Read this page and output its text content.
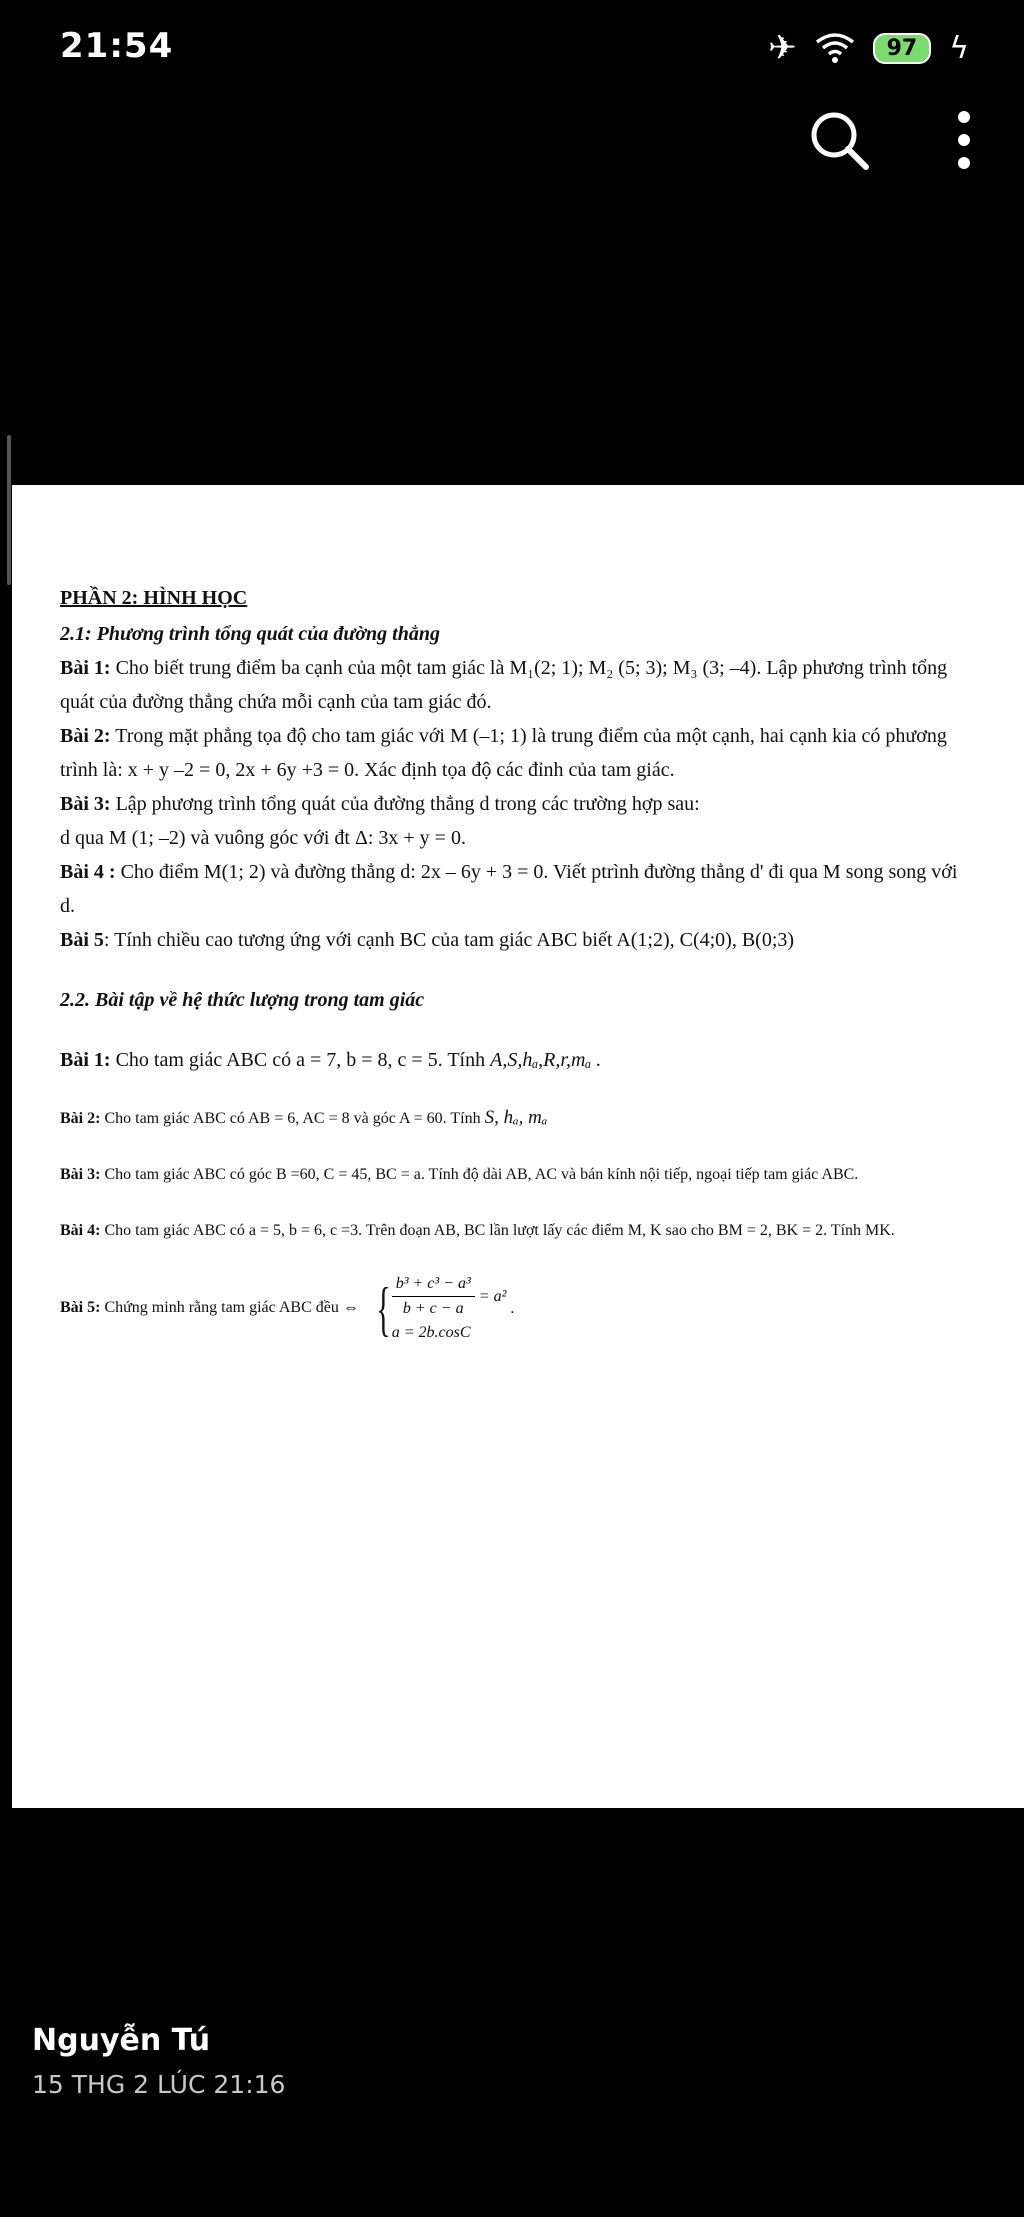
21:54	✈	97	ϟ

PHẦN 2: HÌNH HỌC

2.1: Phương trình tổng quát của đường thẳng

Bài 1: Cho biết trung điểm ba cạnh của một tam giác là M₁(2; 1); M₂ (5; 3); M₃ (3; –4). Lập phương trình tổng quát của đường thẳng chứa mỗi cạnh của tam giác đó.

Bài 2: Trong mặt phẳng tọa độ cho tam giác với M (–1; 1) là trung điểm của một cạnh, hai cạnh kia có phương trình là: x + y –2 = 0, 2x + 6y +3 = 0. Xác định tọa độ các đỉnh của tam giác.

Bài 3: Lập phương trình tổng quát của đường thẳng d trong các trường hợp sau:

d qua M (1; –2) và vuông góc với đt Δ: 3x + y = 0.

Bài 4 : Cho điểm M(1; 2) và đường thẳng d: 2x – 6y + 3 = 0. Viết ptrình đường thẳng d' đi qua M song song với d.

Bài 5: Tính chiều cao tương ứng với cạnh BC của tam giác ABC biết A(1;2), C(4;0), B(0;3)

2.2. Bài tập về hệ thức lượng trong tam giác

Bài 1: Cho tam giác ABC có a = 7, b = 8, c = 5. Tính A,S,hₐ,R,r,mₐ .

Bài 2: Cho tam giác ABC có AB = 6, AC = 8 và góc A = 60. Tính S, hₐ, mₐ

Bài 3: Cho tam giác ABC có góc B =60, C = 45, BC = a. Tính độ dài AB, AC và bán kính nội tiếp, ngoại tiếp tam giác ABC.

Bài 4: Cho tam giác ABC có a = 5, b = 6, c =3. Trên đoạn AB, BC lần lượt lấy các điểm M, K sao cho BM = 2, BK = 2. Tính MK.

Bài 5: Chứng minh rằng tam giác ABC đều ⇔ { $\frac{\text{b³ + c³ − a³}}{b + c - a} = a^2$
a = 2b.cosC
.

Nguyễn Tú
15 THG 2 LÚC 21:16
